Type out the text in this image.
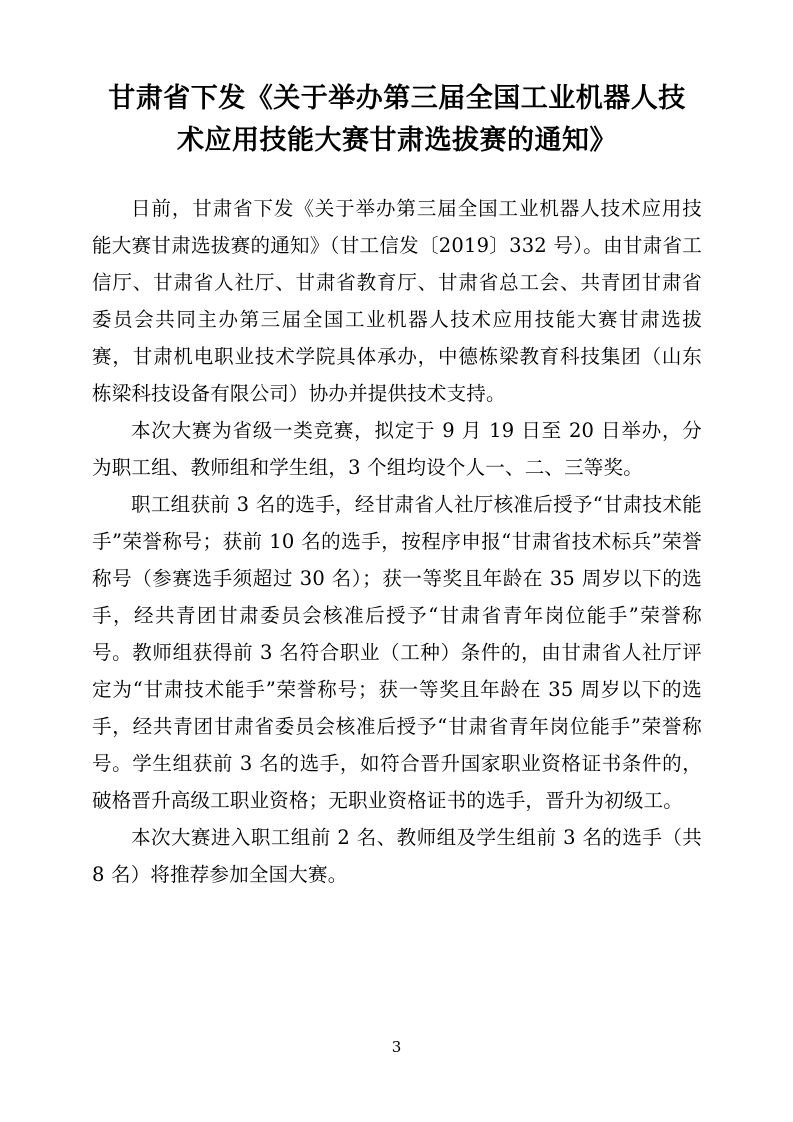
甘肃省下发《关于举办第三届全国工业机器人技术应用技能大赛甘肃选拔赛的通知》

日前，甘肃省下发《关于举办第三届全国工业机器人技术应用技能大赛甘肃选拔赛的通知》（甘工信发〔2019〕332 号）。由甘肃省工信厅、甘肃省人社厅、甘肃省教育厅、甘肃省总工会、共青团甘肃省委员会共同主办第三届全国工业机器人技术应用技能大赛甘肃选拔赛，甘肃机电职业技术学院具体承办，中德栋梁教育科技集团（山东栋梁科技设备有限公司）协办并提供技术支持。

本次大赛为省级一类竞赛，拟定于 9 月 19 日至 20 日举办，分为职工组、教师组和学生组，3 个组均设个人一、二、三等奖。

职工组获前 3 名的选手，经甘肃省人社厅核准后授予“甘肃技术能手”荣誉称号；获前 10 名的选手，按程序申报“甘肃省技术标兵”荣誉称号（参赛选手须超过 30 名）；获一等奖且年龄在 35 周岁以下的选手，经共青团甘肃委员会核准后授予“甘肃省青年岗位能手”荣誉称号。教师组获得前 3 名符合职业（工种）条件的，由甘肃省人社厅评定为“甘肃技术能手”荣誉称号；获一等奖且年龄在 35 周岁以下的选手，经共青团甘肃省委员会核准后授予“甘肃省青年岗位能手”荣誉称号。学生组获前 3 名的选手，如符合晋升国家职业资格证书条件的，破格晋升高级工职业资格；无职业资格证书的选手，晋升为初级工。

本次大赛进入职工组前 2 名、教师组及学生组前 3 名的选手（共 8 名）将推荐参加全国大赛。

3
